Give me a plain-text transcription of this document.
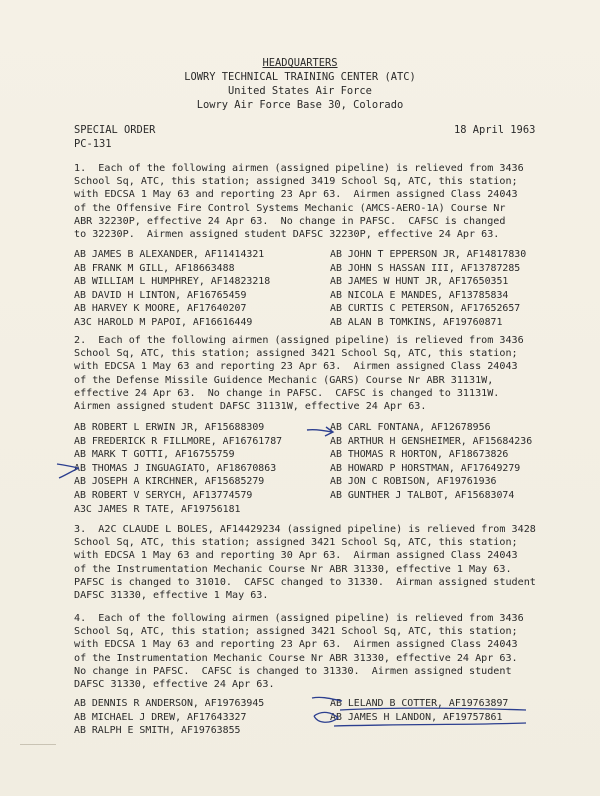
HEADQUARTERS
LOWRY TECHNICAL TRAINING CENTER (ATC)
United States Air Force
Lowry Air Force Base 30, Colorado
SPECIAL ORDER
PC-131
18 April 1963
1.  Each of the following airmen (assigned pipeline) is relieved from 3436
School Sq, ATC, this station; assigned 3419 School Sq, ATC, this station;
with EDCSA 1 May 63 and reporting 23 Apr 63.  Airmen assigned Class 24043
of the Offensive Fire Control Systems Mechanic (AMCS-AERO-1A) Course Nr
ABR 32230P, effective 24 Apr 63.  No change in PAFSC.  CAFSC is changed
to 32230P.  Airmen assigned student DAFSC 32230P, effective 24 Apr 63.
AB JAMES B ALEXANDER, AF11414321
AB FRANK M GILL, AF18663488
AB WILLIAM L HUMPHREY, AF14823218
AB DAVID H LINTON, AF16765459
AB HARVEY K MOORE, AF17640207
A3C HAROLD M PAPOI, AF16616449
AB JOHN T EPPERSON JR, AF14817830
AB JOHN S HASSAN III, AF13787285
AB JAMES W HUNT JR, AF17650351
AB NICOLA E MANDES, AF13785834
AB CURTIS C PETERSON, AF17652657
AB ALAN B TOMKINS, AF19760871
2.  Each of the following airmen (assigned pipeline) is relieved from 3436
School Sq, ATC, this station; assigned 3421 School Sq, ATC, this station;
with EDCSA 1 May 63 and reporting 23 Apr 63.  Airmen assigned Class 24043
of the Defense Missile Guidence Mechanic (GARS) Course Nr ABR 31131W,
effective 24 Apr 63.  No change in PAFSC.  CAFSC is changed to 31131W.
Airmen assigned student DAFSC 31131W, effective 24 Apr 63.
AB ROBERT L ERWIN JR, AF15688309
AB FREDERICK R FILLMORE, AF16761787
AB MARK T GOTTI, AF16755759
AB THOMAS J INGUAGIATO, AF18670863
AB JOSEPH A KIRCHNER, AF15685279
AB ROBERT V SERYCH, AF13774579
A3C JAMES R TATE, AF19756181
AB CARL FONTANA, AF12678956
AB ARTHUR H GENSHEIMER, AF15684236
AB THOMAS R HORTON, AF18673826
AB HOWARD P HORSTMAN, AF17649279
AB JON C ROBISON, AF19761936
AB GUNTHER J TALBOT, AF15683074
3.  A2C CLAUDE L BOLES, AF14429234 (assigned pipeline) is relieved from 3428
School Sq, ATC, this station; assigned 3421 School Sq, ATC, this station;
with EDCSA 1 May 63 and reporting 30 Apr 63.  Airman assigned Class 24043
of the Instrumentation Mechanic Course Nr ABR 31330, effective 1 May 63.
PAFSC is changed to 31010.  CAFSC changed to 31330.  Airman assigned student
DAFSC 31330, effective 1 May 63.
4.  Each of the following airmen (assigned pipeline) is relieved from 3436
School Sq, ATC, this station; assigned 3421 School Sq, ATC, this station;
with EDCSA 1 May 63 and reporting 23 Apr 63.  Airmen assigned Class 24043
of the Instrumentation Mechanic Course Nr ABR 31330, effective 24 Apr 63.
No change in PAFSC.  CAFSC is changed to 31330.  Airmen assigned student
DAFSC 31330, effective 24 Apr 63.
AB DENNIS R ANDERSON, AF19763945
AB MICHAEL J DREW, AF17643327
AB RALPH E SMITH, AF19763855
AB LELAND B COTTER, AF19763897
AB JAMES H LANDON, AF19757861
